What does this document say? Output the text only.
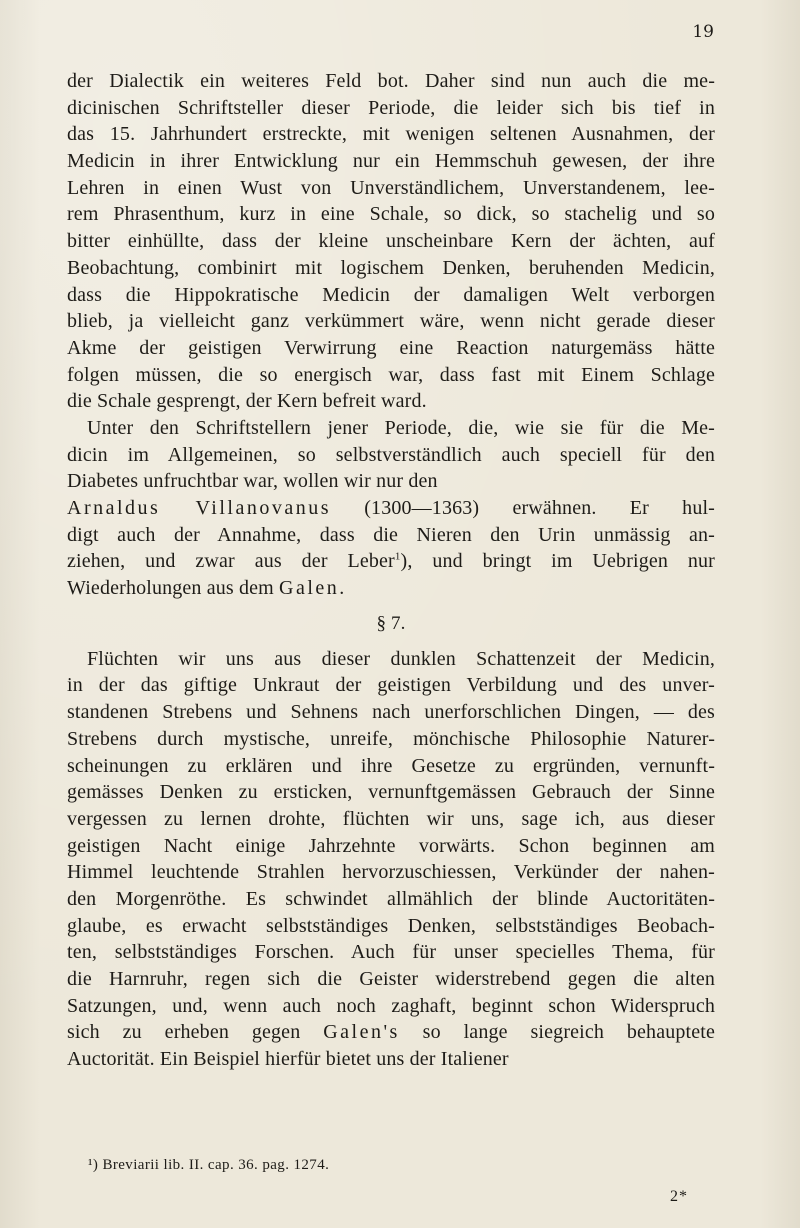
19
der Dialectik ein weiteres Feld bot. Daher sind nun auch die me-
dicinischen Schriftsteller dieser Periode, die leider sich bis tief in
das 15. Jahrhundert erstreckte, mit wenigen seltenen Ausnahmen, der
Medicin in ihrer Entwicklung nur ein Hemmschuh gewesen, der ihre
Lehren in einen Wust von Unverständlichem, Unverstandenem, lee-
rem Phrasenthum, kurz in eine Schale, so dick, so stachelig und so
bitter einhüllte, dass der kleine unscheinbare Kern der ächten, auf
Beobachtung, combinirt mit logischem Denken, beruhenden Medicin,
dass die Hippokratische Medicin der damaligen Welt verborgen
blieb, ja vielleicht ganz verkümmert wäre, wenn nicht gerade dieser
Akme der geistigen Verwirrung eine Reaction naturgemäss hätte
folgen müssen, die so energisch war, dass fast mit Einem Schlage
die Schale gesprengt, der Kern befreit ward.
Unter den Schriftstellern jener Periode, die, wie sie für die Me-
dicin im Allgemeinen, so selbstverständlich auch speciell für den
Diabetes unfruchtbar war, wollen wir nur den
Arnaldus Villanovanus (1300—1363) erwähnen. Er hul-
digt auch der Annahme, dass die Nieren den Urin unmässig an-
ziehen, und zwar aus der Leber$^1$), und bringt im Uebrigen nur
Wiederholungen aus dem Galen.
§ 7.
Flüchten wir uns aus dieser dunklen Schattenzeit der Medicin,
in der das giftige Unkraut der geistigen Verbildung und des unver-
standenen Strebens und Sehnens nach unerforschlichen Dingen, — des
Strebens durch mystische, unreife, mönchische Philosophie Naturer-
scheinungen zu erklären und ihre Gesetze zu ergründen, vernunft-
gemässes Denken zu ersticken, vernunftgemässen Gebrauch der Sinne
vergessen zu lernen drohte, flüchten wir uns, sage ich, aus dieser
geistigen Nacht einige Jahrzehnte vorwärts. Schon beginnen am
Himmel leuchtende Strahlen hervorzuschiessen, Verkünder der nahen-
den Morgenröthe. Es schwindet allmählich der blinde Auctoritäten-
glaube, es erwacht selbstständiges Denken, selbstständiges Beobach-
ten, selbstständiges Forschen. Auch für unser specielles Thema, für
die Harnruhr, regen sich die Geister widerstrebend gegen die alten
Satzungen, und, wenn auch noch zaghaft, beginnt schon Widerspruch
sich zu erheben gegen Galen's so lange siegreich behauptete
Auctorität. Ein Beispiel hierfür bietet uns der Italiener
¹) Breviarii lib. II. cap. 36. pag. 1274.
2*
